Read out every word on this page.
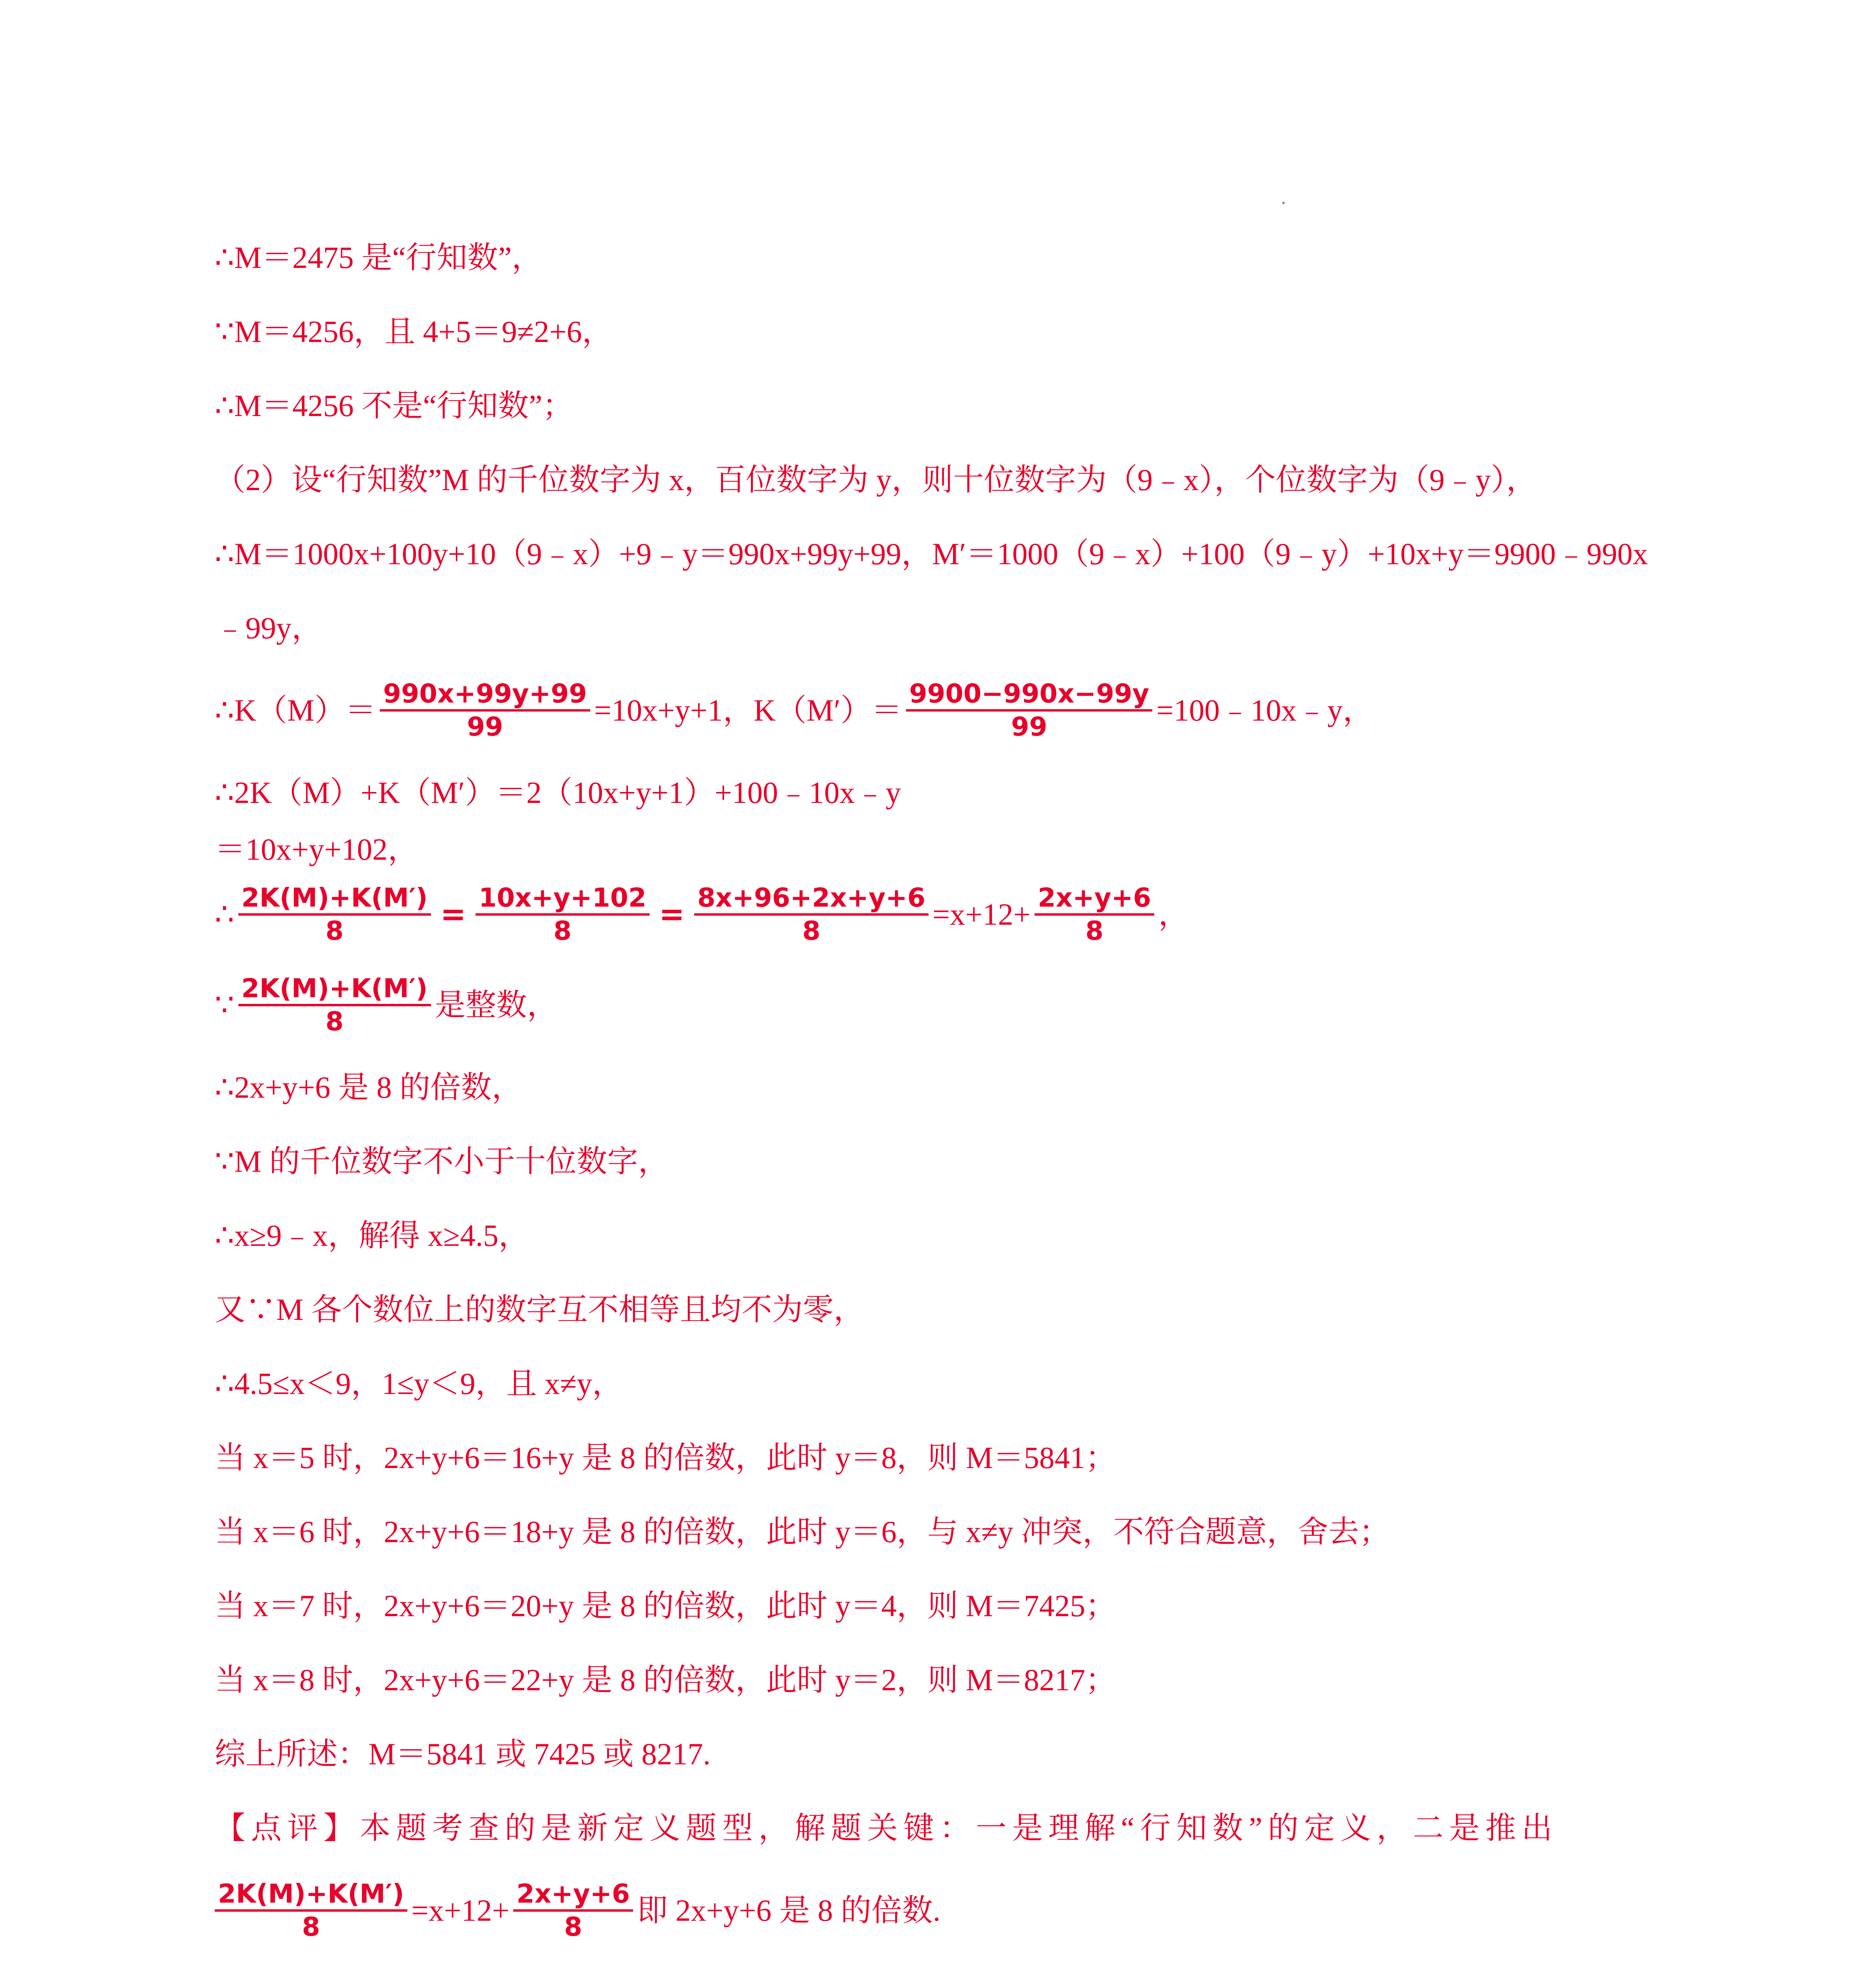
∴M＝2475 是“行知数”，
∵M＝4256，且 4+5＝9≠2+6，
∴M＝4256 不是“行知数”；
（2）设“行知数”M 的千位数字为 x，百位数字为 y，则十位数字为（9﹣x），个位数字为（9﹣y），
∴M＝1000x+100y+10（9﹣x）+9﹣y＝990x+99y+99，M′＝1000（9﹣x）+100（9﹣y）+10x+y＝9900﹣990x
﹣99y，
∴K（M）＝ $\frac{990x+99y+99}{99} =10x+y+1$，$K(M')= \frac{9900-990x-99y}{99}$ =100﹣10x﹣y，
∴2K（M）+K（M′）＝2（10x+y+1）+100﹣10x﹣y
＝10x+y+102，
∴ $\frac{2K(M)+K(M')}{8} = \frac{10x+y+102}{8} = \frac{8x+96+2x+y+6}{8} =x+12+ \frac{2x+y+6}{8}$ ，
∵ $\frac{2K(M)+K(M')}{8}$ 是整数，
∴2x+y+6 是 8 的倍数，
∵M 的千位数字不小于十位数字，
∴x≥9﹣x，解得 x≥4.5，
又∵M 各个数位上的数字互不相等且均不为零，
∴4.5≤x＜9，1≤y＜9，且 x≠y，
当 x＝5 时，2x+y+6＝16+y 是 8 的倍数，此时 y＝8，则 M＝5841；
当 x＝6 时，2x+y+6＝18+y 是 8 的倍数，此时 y＝6，与 x≠y 冲突，不符合题意，舍去；
当 x＝7 时，2x+y+6＝20+y 是 8 的倍数，此时 y＝4，则 M＝7425；
当 x＝8 时，2x+y+6＝22+y 是 8 的倍数，此时 y＝2，则 M＝8217；
综上所述：M＝5841 或 7425 或 8217.
【点评】本题考查的是新定义题型，解题关键：一是理解“行知数”的定义，二是推出
$\frac{2K(M)+K(M')}{8} =x+12+ \frac{2x+y+6}{8}$ 即 2x+y+6 是 8 的倍数.
